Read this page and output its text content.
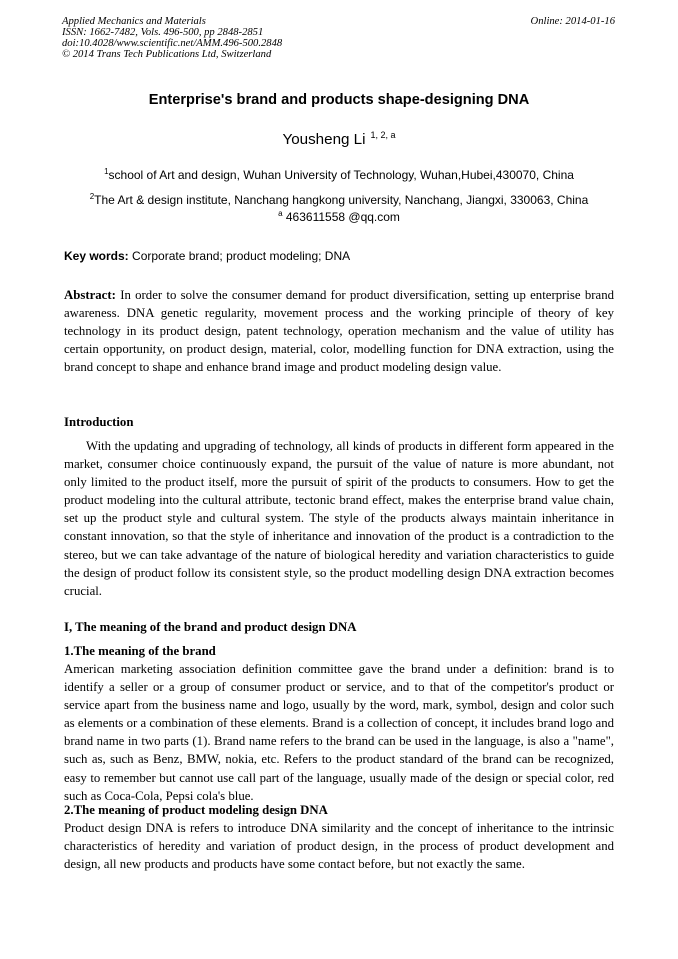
Applied Mechanics and Materials
ISSN: 1662-7482, Vols. 496-500, pp 2848-2851
doi:10.4028/www.scientific.net/AMM.496-500.2848
© 2014 Trans Tech Publications Ltd, Switzerland
Online: 2014-01-16
Enterprise's brand and products shape-designing DNA
Yousheng Li $^{1, 2, a}$
$^1$school of Art and design, Wuhan University of Technology, Wuhan,Hubei,430070, China
$^2$The Art & design institute, Nanchang hangkong university, Nanchang, Jiangxi, 330063, China
$^a$ 463611558 @qq.com
Key words: Corporate brand; product modeling; DNA
Abstract: In order to solve the consumer demand for product diversification, setting up enterprise brand awareness. DNA genetic regularity, movement process and the working principle of theory of key technology in its product design, patent technology, operation mechanism and the value of utility has certain opportunity, on product design, material, color, modelling function for DNA extraction, using the brand concept to shape and enhance brand image and product modeling design value.
Introduction
With the updating and upgrading of technology, all kinds of products in different form appeared in the market, consumer choice continuously expand, the pursuit of the value of nature is more abundant, not only limited to the product itself, more the pursuit of spirit of the products to consumers. How to get the product modeling into the cultural attribute, tectonic brand effect, makes the enterprise brand value chain, set up the product style and cultural system. The style of the products always maintain inheritance in constant innovation, so that the style of inheritance and innovation of the product is a contradiction to the stereo, but we can take advantage of the nature of biological heredity and variation characteristics to guide the design of product follow its consistent style, so the product modelling design DNA extraction becomes crucial.
I, The meaning of the brand and product design DNA
1.The meaning of the brand
American marketing association definition committee gave the brand under a definition: brand is to identify a seller or a group of consumer product or service, and to that of the competitor's product or service apart from the business name and logo, usually by the word, mark, symbol, design and color such as elements or a combination of these elements. Brand is a collection of concept, it includes brand logo and brand name in two parts (1). Brand name refers to the brand can be used in the language, is also a "name", such as, such as Benz, BMW, nokia, etc. Refers to the product standard of the brand can be recognized, easy to remember but cannot use call part of the language, usually made of the design or special color, red such as Coca-Cola, Pepsi cola's blue.
2.The meaning of product modeling design DNA
Product design DNA is refers to introduce DNA similarity and the concept of inheritance to the intrinsic characteristics of heredity and variation of product design, in the process of product development and design, all new products and products have some contact before, but not exactly the same.
